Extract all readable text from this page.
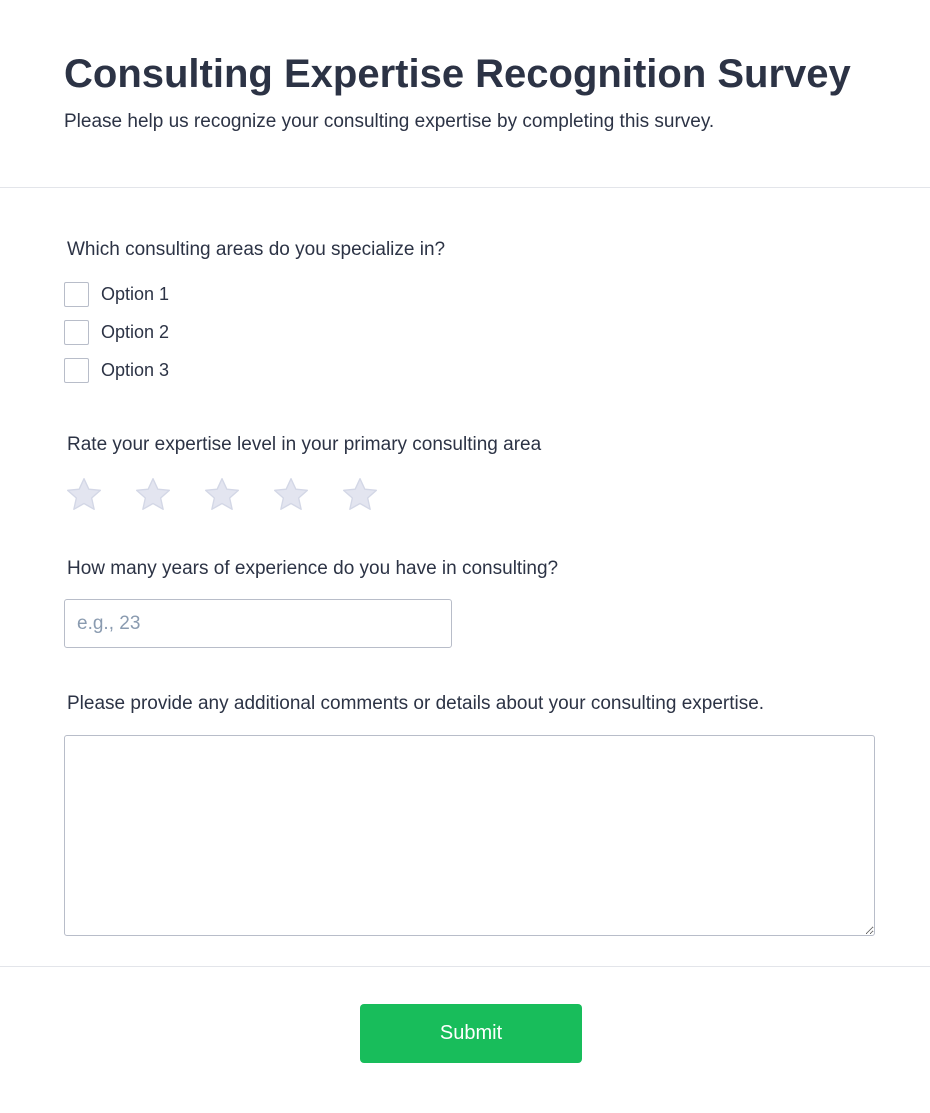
Consulting Expertise Recognition Survey

Please help us recognize your consulting expertise by completing this survey.

Which consulting areas do you specialize in?
Option 1
Option 2
Option 3
Rate your expertise level in your primary consulting area
How many years of experience do you have in consulting?
e.g., 23
Please provide any additional comments or details about your consulting expertise.
Submit
